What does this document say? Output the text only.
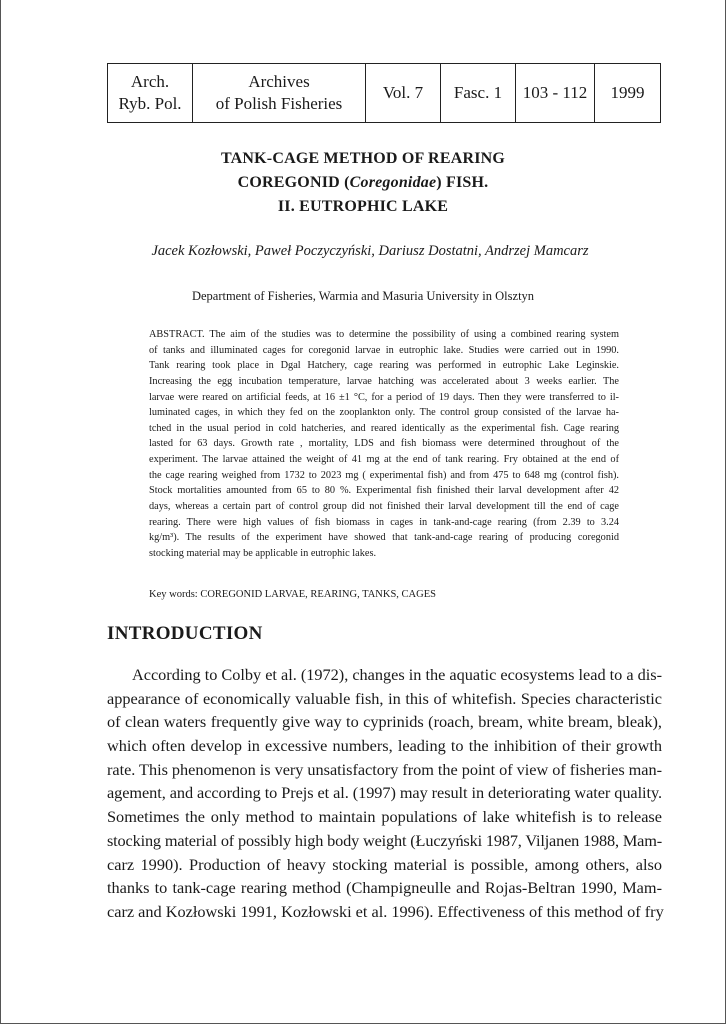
Arch.
Ryb. Pol.

Archives
of Polish Fisheries
	Vol. 7	Fasc. 1	103 - 112	1999
TANK-CAGE METHOD OF REARING
COREGONID (Coregonidae) FISH.
II. EUTROPHIC LAKE
Jacek Kozłowski, Paweł Poczyczyński, Dariusz Dostatni, Andrzej Mamcarz
Department of Fisheries, Warmia and Masuria University in Olsztyn
ABSTRACT. The aim of the studies was to determine the possibility of using a combined rearing system
of tanks and illuminated cages for coregonid larvae in eutrophic lake. Studies were carried out in 1990.
Tank rearing took place in Dgal Hatchery, cage rearing was performed in eutrophic Lake Leginskie.
Increasing the egg incubation temperature, larvae hatching was accelerated about 3 weeks earlier. The
larvae were reared on artificial feeds, at 16 ±1 °C, for a period of 19 days. Then they were transferred to il-
luminated cages, in which they fed on the zooplankton only. The control group consisted of the larvae ha-
tched in the usual period in cold hatcheries, and reared identically as the experimental fish. Cage rearing
lasted for 63 days. Growth rate , mortality, LDS and fish biomass were determined throughout of the
experiment. The larvae attained the weight of 41 mg at the end of tank rearing. Fry obtained at the end of
the cage rearing weighed from 1732 to 2023 mg ( experimental fish) and from 475 to 648 mg (control fish).
Stock mortalities amounted from 65 to 80 %. Experimental fish finished their larval development after 42
days, whereas a certain part of control group did not finished their larval development till the end of cage
rearing. There were high values of fish biomass in cages in tank-and-cage rearing (from 2.39 to 3.24
kg/m³). The results of the experiment have showed that tank-and-cage rearing of producing coregonid
stocking material may be applicable in eutrophic lakes.
Key words: COREGONID LARVAE, REARING, TANKS, CAGES
INTRODUCTION
According to Colby et al. (1972), changes in the aquatic ecosystems lead to a dis-
appearance of economically valuable fish, in this of whitefish. Species characteristic
of clean waters frequently give way to cyprinids (roach, bream, white bream, bleak),
which often develop in excessive numbers, leading to the inhibition of their growth
rate. This phenomenon is very unsatisfactory from the point of view of fisheries man-
agement, and according to Prejs et al. (1997) may result in deteriorating water quality.
Sometimes the only method to maintain populations of lake whitefish is to release
stocking material of possibly high body weight (Łuczyński 1987, Viljanen 1988, Mam-
carz 1990). Production of heavy stocking material is possible, among others, also
thanks to tank-cage rearing method (Champigneulle and Rojas-Beltran 1990, Mam-
carz and Kozłowski 1991, Kozłowski et al. 1996). Effectiveness of this method of fry
